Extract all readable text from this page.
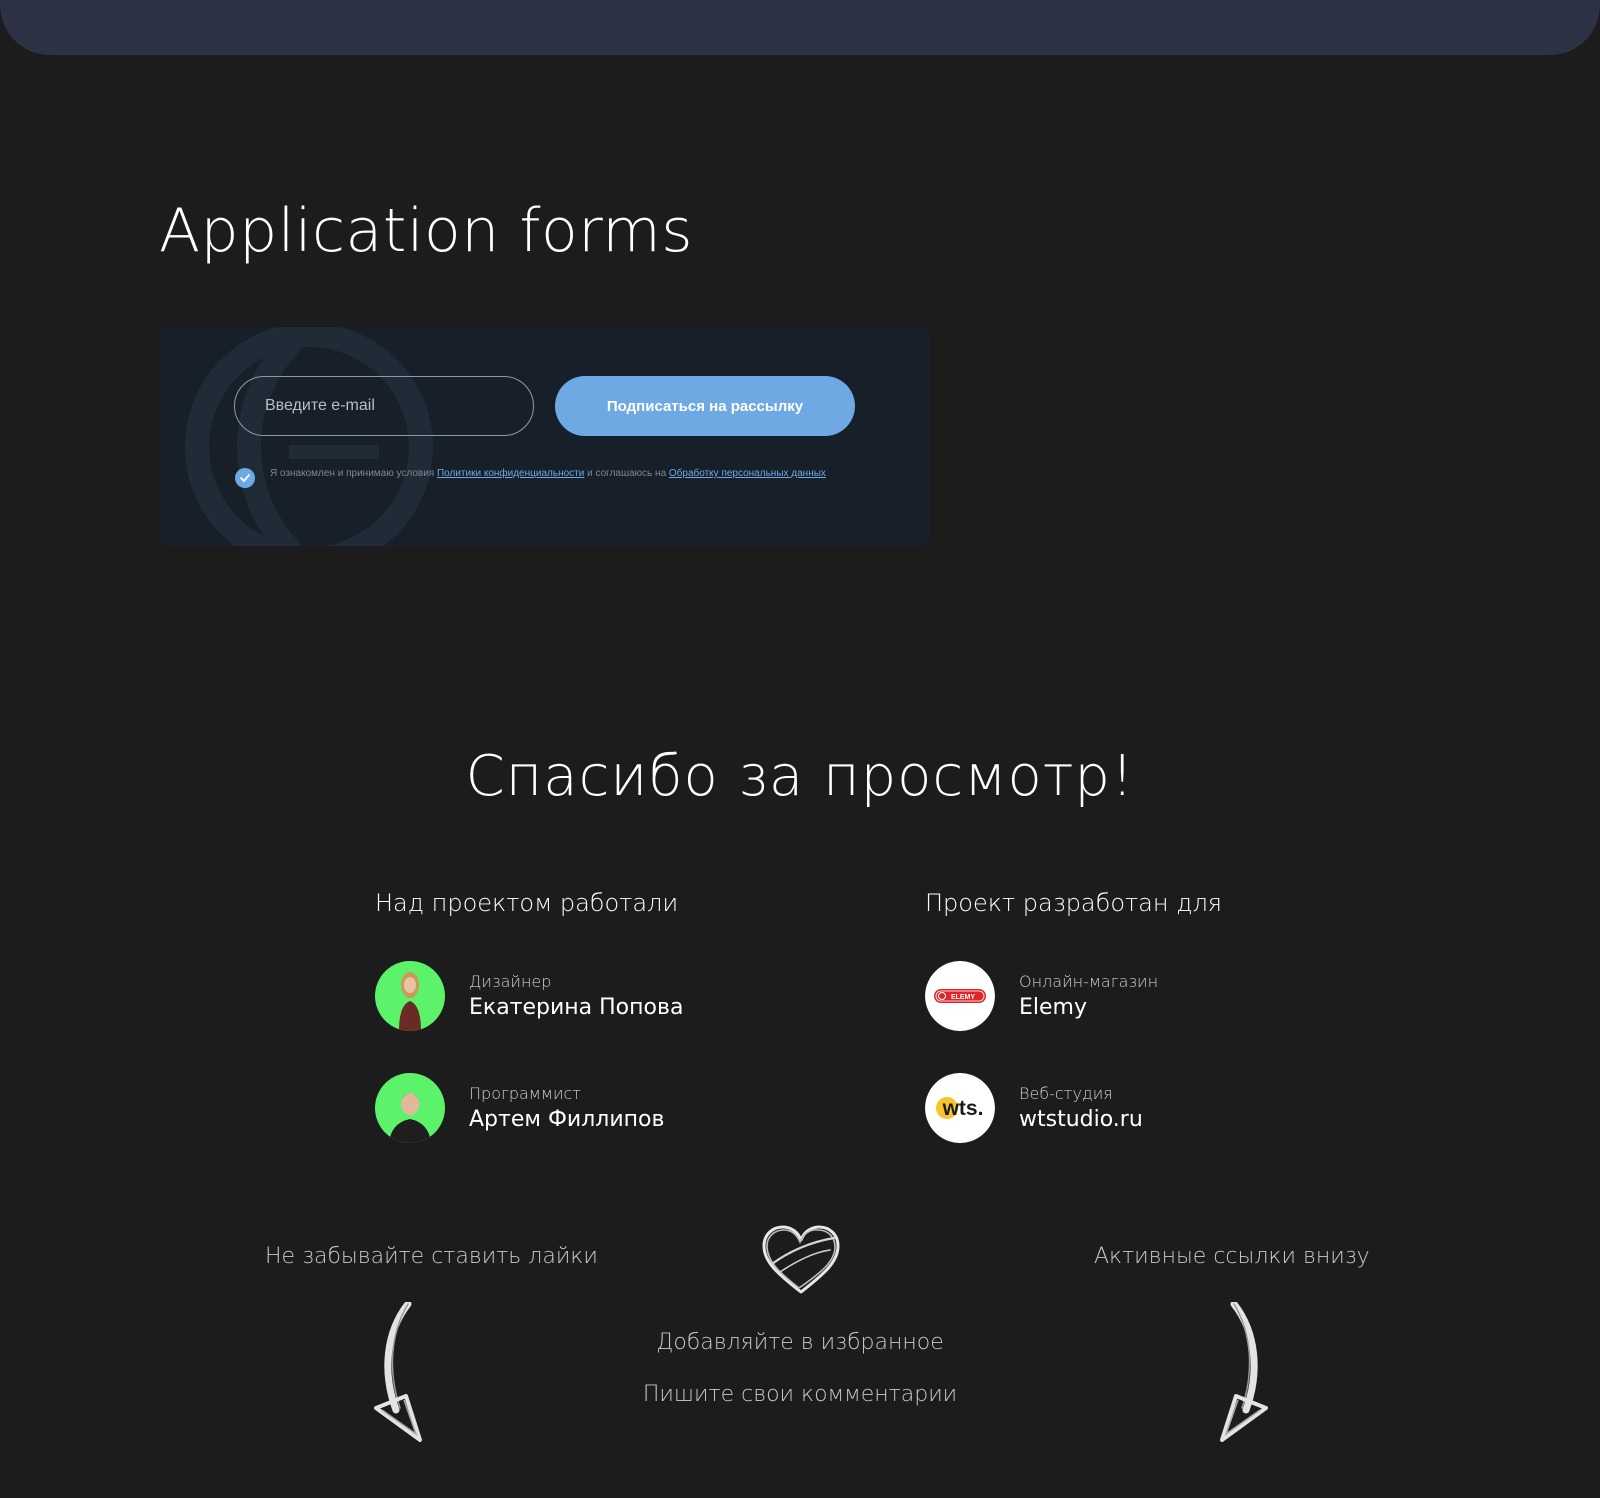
Application forms
Введите e-mail
Подписаться на рассылку

Я ознакомлен и принимаю условия Политики конфиденциальности и соглашаюсь на Обработку персональных данных

Спасибо за просмотр!
Над проектом работали	Проект разработан для
Дизайнер
Екатерина Попова
Программист
Артем Филлипов
ELEMY
Онлайн-магазин
Elemy
wts.
Веб-студия
wtstudio.ru
Не забывайте ставить лайки	Активные ссылки внизу
Добавляйте в избранное
Пишите свои комментарии
